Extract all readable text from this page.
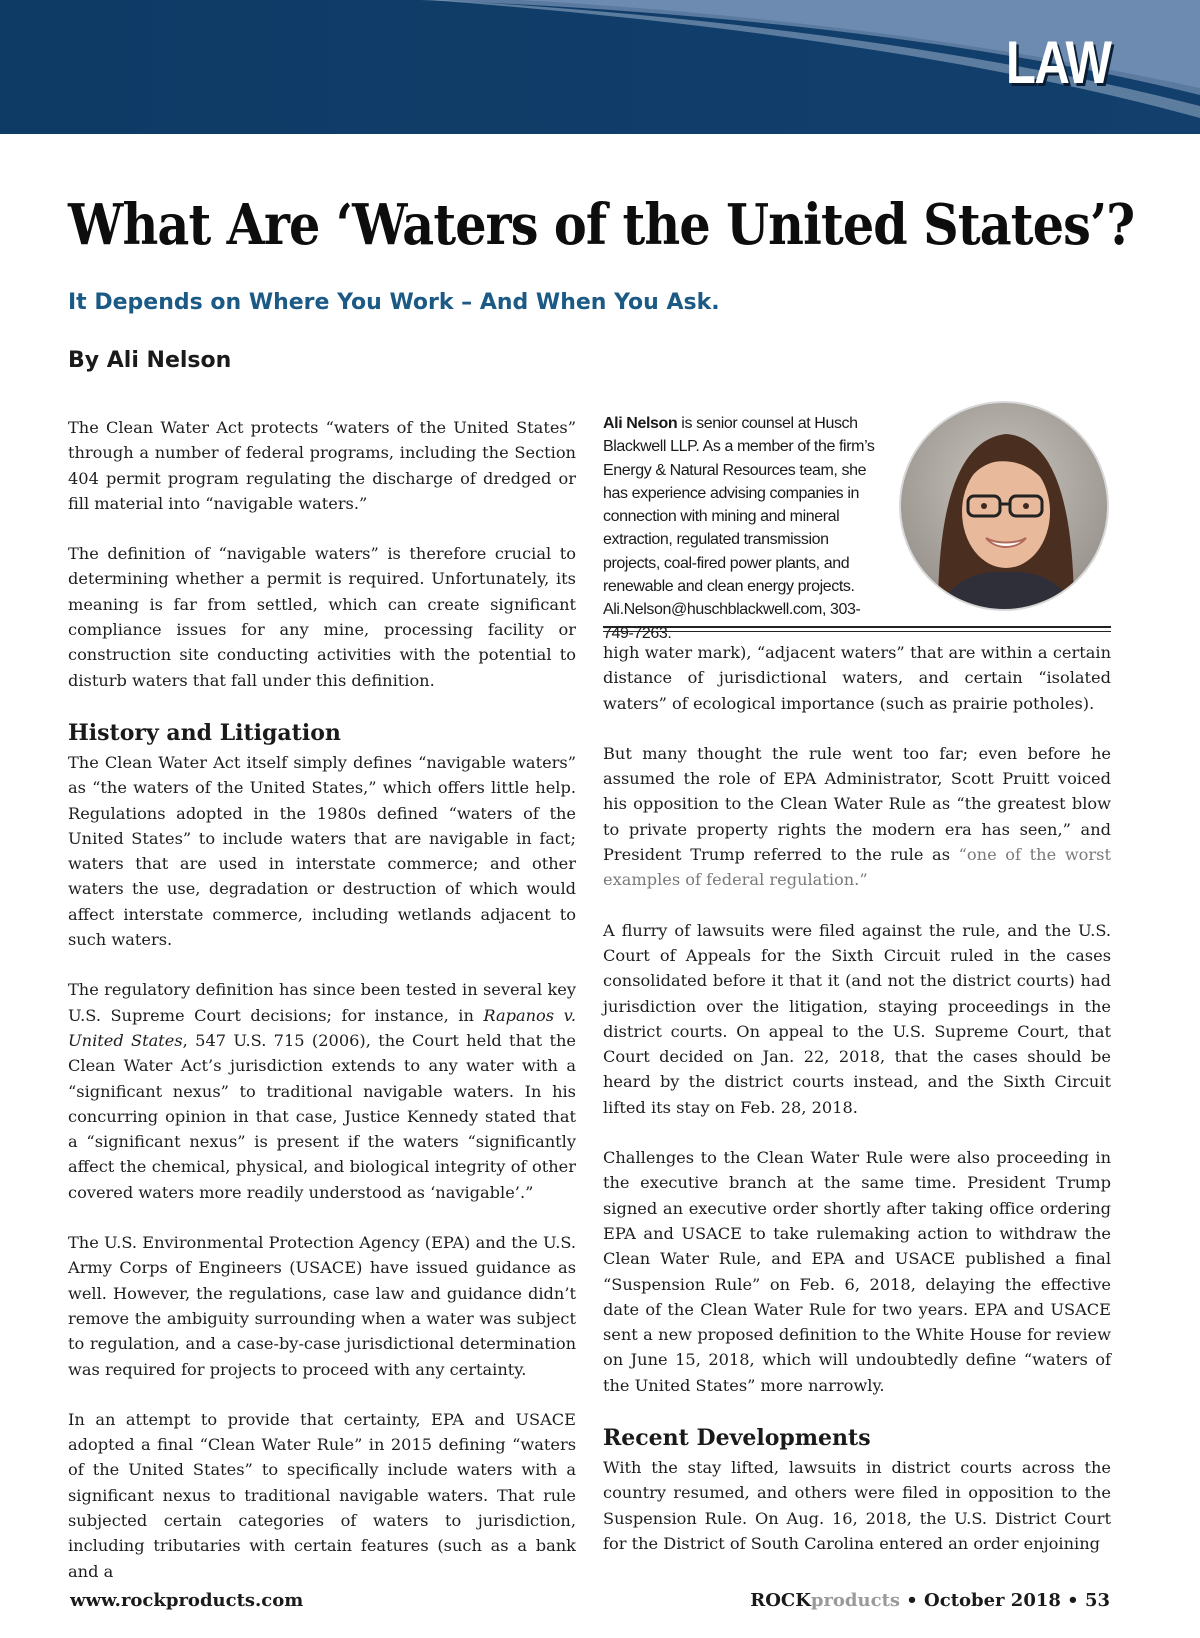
LAW
What Are ‘Waters of the United States’?
It Depends on Where You Work – And When You Ask.
By Ali Nelson

The Clean Water Act protects “waters of the United States” through a number of federal programs, including the Section 404 permit program regulating the discharge of dredged or fill material into “navigable waters.”

The definition of “navigable waters” is therefore crucial to determining whether a permit is required. Unfortunately, its meaning is far from settled, which can create significant compliance issues for any mine, processing facility or construction site conducting activities with the potential to disturb waters that fall under this definition.

History and Litigation

The Clean Water Act itself simply defines “navigable waters” as “the waters of the United States,” which offers little help. Regulations adopted in the 1980s defined “waters of the United States” to include waters that are navigable in fact; waters that are used in interstate commerce; and other waters the use, degradation or destruction of which would affect interstate commerce, including wetlands adjacent to such waters.

The regulatory definition has since been tested in several key U.S. Supreme Court decisions; for instance, in Rapanos v. United States, 547 U.S. 715 (2006), the Court held that the Clean Water Act’s jurisdiction extends to any water with a “significant nexus” to traditional navigable waters. In his concurring opinion in that case, Justice Kennedy stated that a “significant nexus” is present if the waters “significantly affect the chemical, physical, and biological integrity of other covered waters more readily understood as ‘navigable’.”

The U.S. Environmental Protection Agency (EPA) and the U.S. Army Corps of Engineers (USACE) have issued guidance as well. However, the regulations, case law and guidance didn’t remove the ambiguity surrounding when a water was subject to regulation, and a case-by-case jurisdictional determination was required for projects to proceed with any certainty.

In an attempt to provide that certainty, EPA and USACE adopted a final “Clean Water Rule” in 2015 defining “waters of the United States” to specifically include waters with a significant nexus to traditional navigable waters. That rule subjected certain categories of waters to jurisdiction, including tributaries with certain features (such as a bank and a

Ali Nelson is senior counsel at Husch Blackwell LLP. As a member of the firm’s Energy & Natural Resources team, she has experience advising companies in connection with mining and mineral extraction, regulated transmission projects, coal-fired power plants, and renewable and clean energy projects. Ali.Nelson@huschblackwell.com, 303-749-7263.

high water mark), “adjacent waters” that are within a certain distance of jurisdictional waters, and certain “isolated waters” of ecological importance (such as prairie potholes).

But many thought the rule went too far; even before he assumed the role of EPA Administrator, Scott Pruitt voiced his opposition to the Clean Water Rule as “the greatest blow to private property rights the modern era has seen,” and President Trump referred to the rule as “one of the worst examples of federal regulation.”

A flurry of lawsuits were filed against the rule, and the U.S. Court of Appeals for the Sixth Circuit ruled in the cases consolidated before it that it (and not the district courts) had jurisdiction over the litigation, staying proceedings in the district courts. On appeal to the U.S. Supreme Court, that Court decided on Jan. 22, 2018, that the cases should be heard by the district courts instead, and the Sixth Circuit lifted its stay on Feb. 28, 2018.

Challenges to the Clean Water Rule were also proceeding in the executive branch at the same time. President Trump signed an executive order shortly after taking office ordering EPA and USACE to take rulemaking action to withdraw the Clean Water Rule, and EPA and USACE published a final “Suspension Rule” on Feb. 6, 2018, delaying the effective date of the Clean Water Rule for two years. EPA and USACE sent a new proposed definition to the White House for review on June 15, 2018, which will undoubtedly define “waters of the United States” more narrowly.

Recent Developments

With the stay lifted, lawsuits in district courts across the country resumed, and others were filed in opposition to the Suspension Rule. On Aug. 16, 2018, the U.S. District Court for the District of South Carolina entered an order enjoining

www.rockproducts.com	ROCKproducts • October 2018 • 53
